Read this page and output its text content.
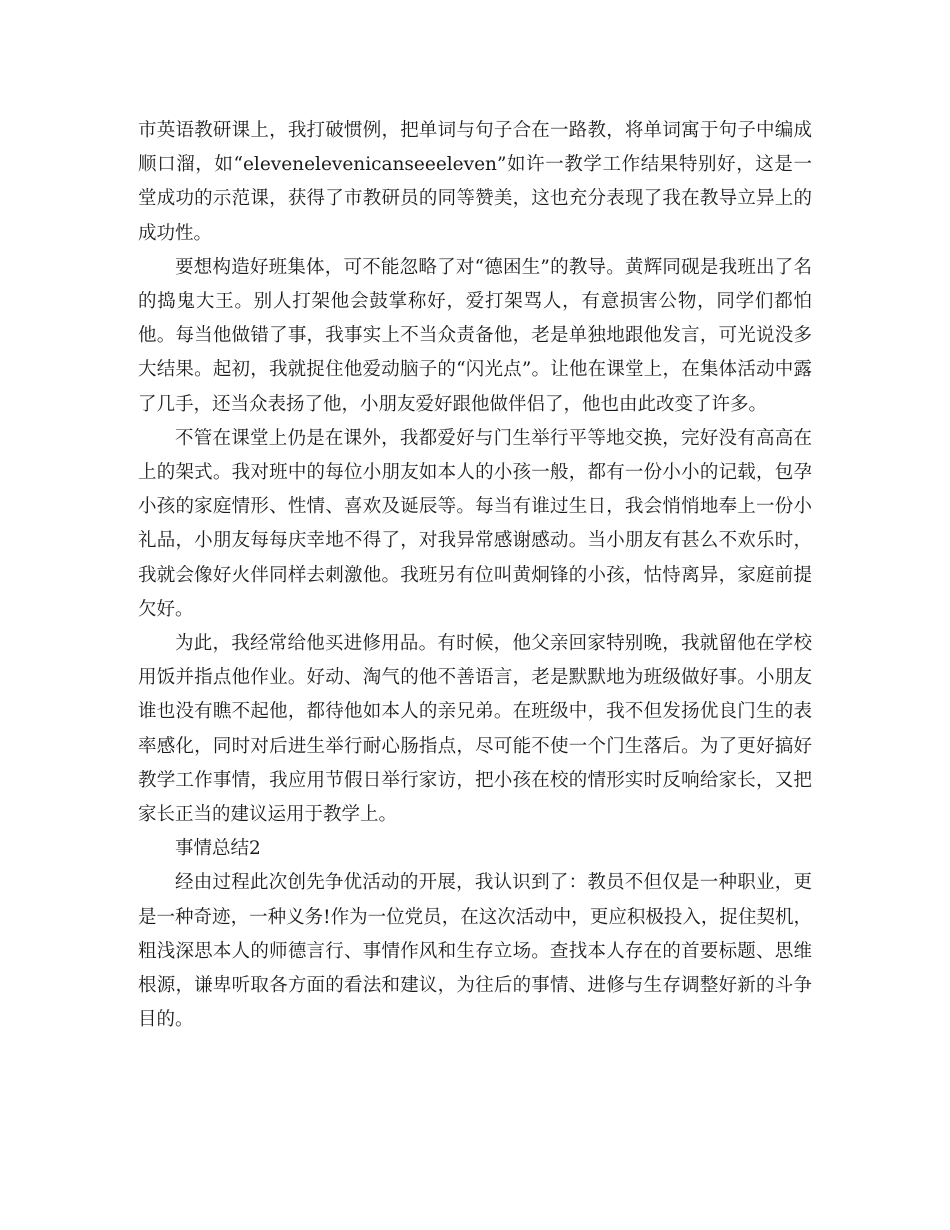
市英语教研课上，我打破惯例，把单词与句子合在一路教，将单词寓于句子中编成顺口溜，如“elevenelevenicanseeeleven”如许一教学工作结果特别好，这是一堂成功的示范课，获得了市教研员的同等赞美，这也充分表现了我在教导立异上的成功性。

要想构造好班集体，可不能忽略了对“德困生”的教导。黄辉同砚是我班出了名的捣鬼大王。别人打架他会鼓掌称好，爱打架骂人，有意损害公物，同学们都怕他。每当他做错了事，我事实上不当众责备他，老是单独地跟他发言，可光说没多大结果。起初，我就捉住他爱动脑子的“闪光点”。让他在课堂上，在集体活动中露了几手，还当众表扬了他，小朋友爱好跟他做伴侣了，他也由此改变了许多。

不管在课堂上仍是在课外，我都爱好与门生举行平等地交换，完好没有高高在上的架式。我对班中的每位小朋友如本人的小孩一般，都有一份小小的记载，包孕小孩的家庭情形、性情、喜欢及诞辰等。每当有谁过生日，我会悄悄地奉上一份小礼品，小朋友每每庆幸地不得了，对我异常感谢感动。当小朋友有甚么不欢乐时，我就会像好火伴同样去刺激他。我班另有位叫黄炯锋的小孩，怙恃离异，家庭前提欠好。

为此，我经常给他买进修用品。有时候，他父亲回家特别晚，我就留他在学校用饭并指点他作业。好动、淘气的他不善语言，老是默默地为班级做好事。小朋友谁也没有瞧不起他，都待他如本人的亲兄弟。在班级中，我不但发扬优良门生的表率感化，同时对后进生举行耐心肠指点，尽可能不使一个门生落后。为了更好搞好教学工作事情，我应用节假日举行家访，把小孩在校的情形实时反响给家长，又把家长正当的建议运用于教学上。

事情总结2

经由过程此次创先争优活动的开展，我认识到了：教员不但仅是一种职业，更是一种奇迹，一种义务!作为一位党员，在这次活动中，更应积极投入，捉住契机，粗浅深思本人的师德言行、事情作风和生存立场。查找本人存在的首要标题、思维根源，谦卑听取各方面的看法和建议，为往后的事情、进修与生存调整好新的斗争目的。
